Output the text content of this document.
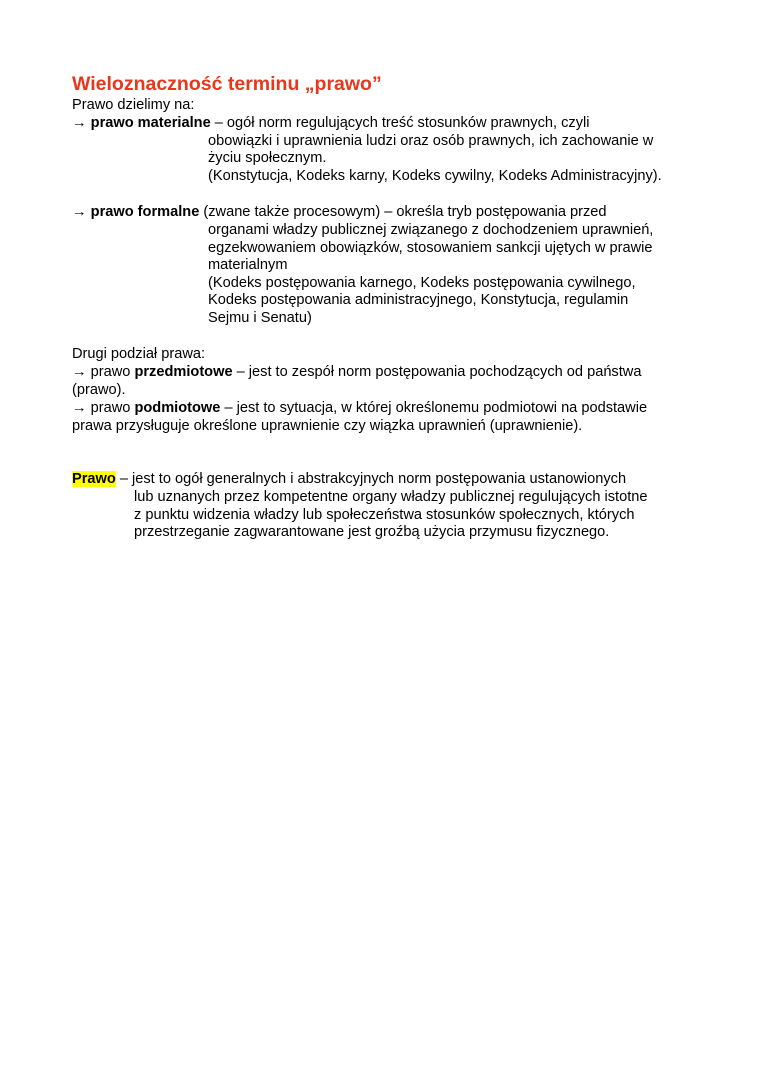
Wieloznaczność terminu „prawo”
Prawo dzielimy na:
→ prawo materialne – ogół norm regulujących treść stosunków prawnych, czyli
obowiązki i uprawnienia ludzi oraz osób prawnych, ich zachowanie w
życiu społecznym.
(Konstytucja, Kodeks karny, Kodeks cywilny, Kodeks Administracyjny).
→ prawo formalne (zwane także procesowym) – określa tryb postępowania przed
organami władzy publicznej związanego z dochodzeniem uprawnień,
egzekwowaniem obowiązków, stosowaniem sankcji ujętych w prawie
materialnym
(Kodeks postępowania karnego, Kodeks postępowania cywilnego,
Kodeks postępowania administracyjnego, Konstytucja, regulamin
Sejmu i Senatu)
Drugi podział prawa:
→ prawo przedmiotowe – jest to zespół norm postępowania pochodzących od państwa
(prawo).
→ prawo podmiotowe – jest to sytuacja, w której określonemu podmiotowi na podstawie
prawa przysługuje określone uprawnienie czy wiązka uprawnień (uprawnienie).
Prawo – jest to ogół generalnych i abstrakcyjnych norm postępowania ustanowionych
lub uznanych przez kompetentne organy władzy publicznej regulujących istotne
z punktu widzenia władzy lub społeczeństwa stosunków społecznych, których
przestrzeganie zagwarantowane jest groźbą użycia przymusu fizycznego.
